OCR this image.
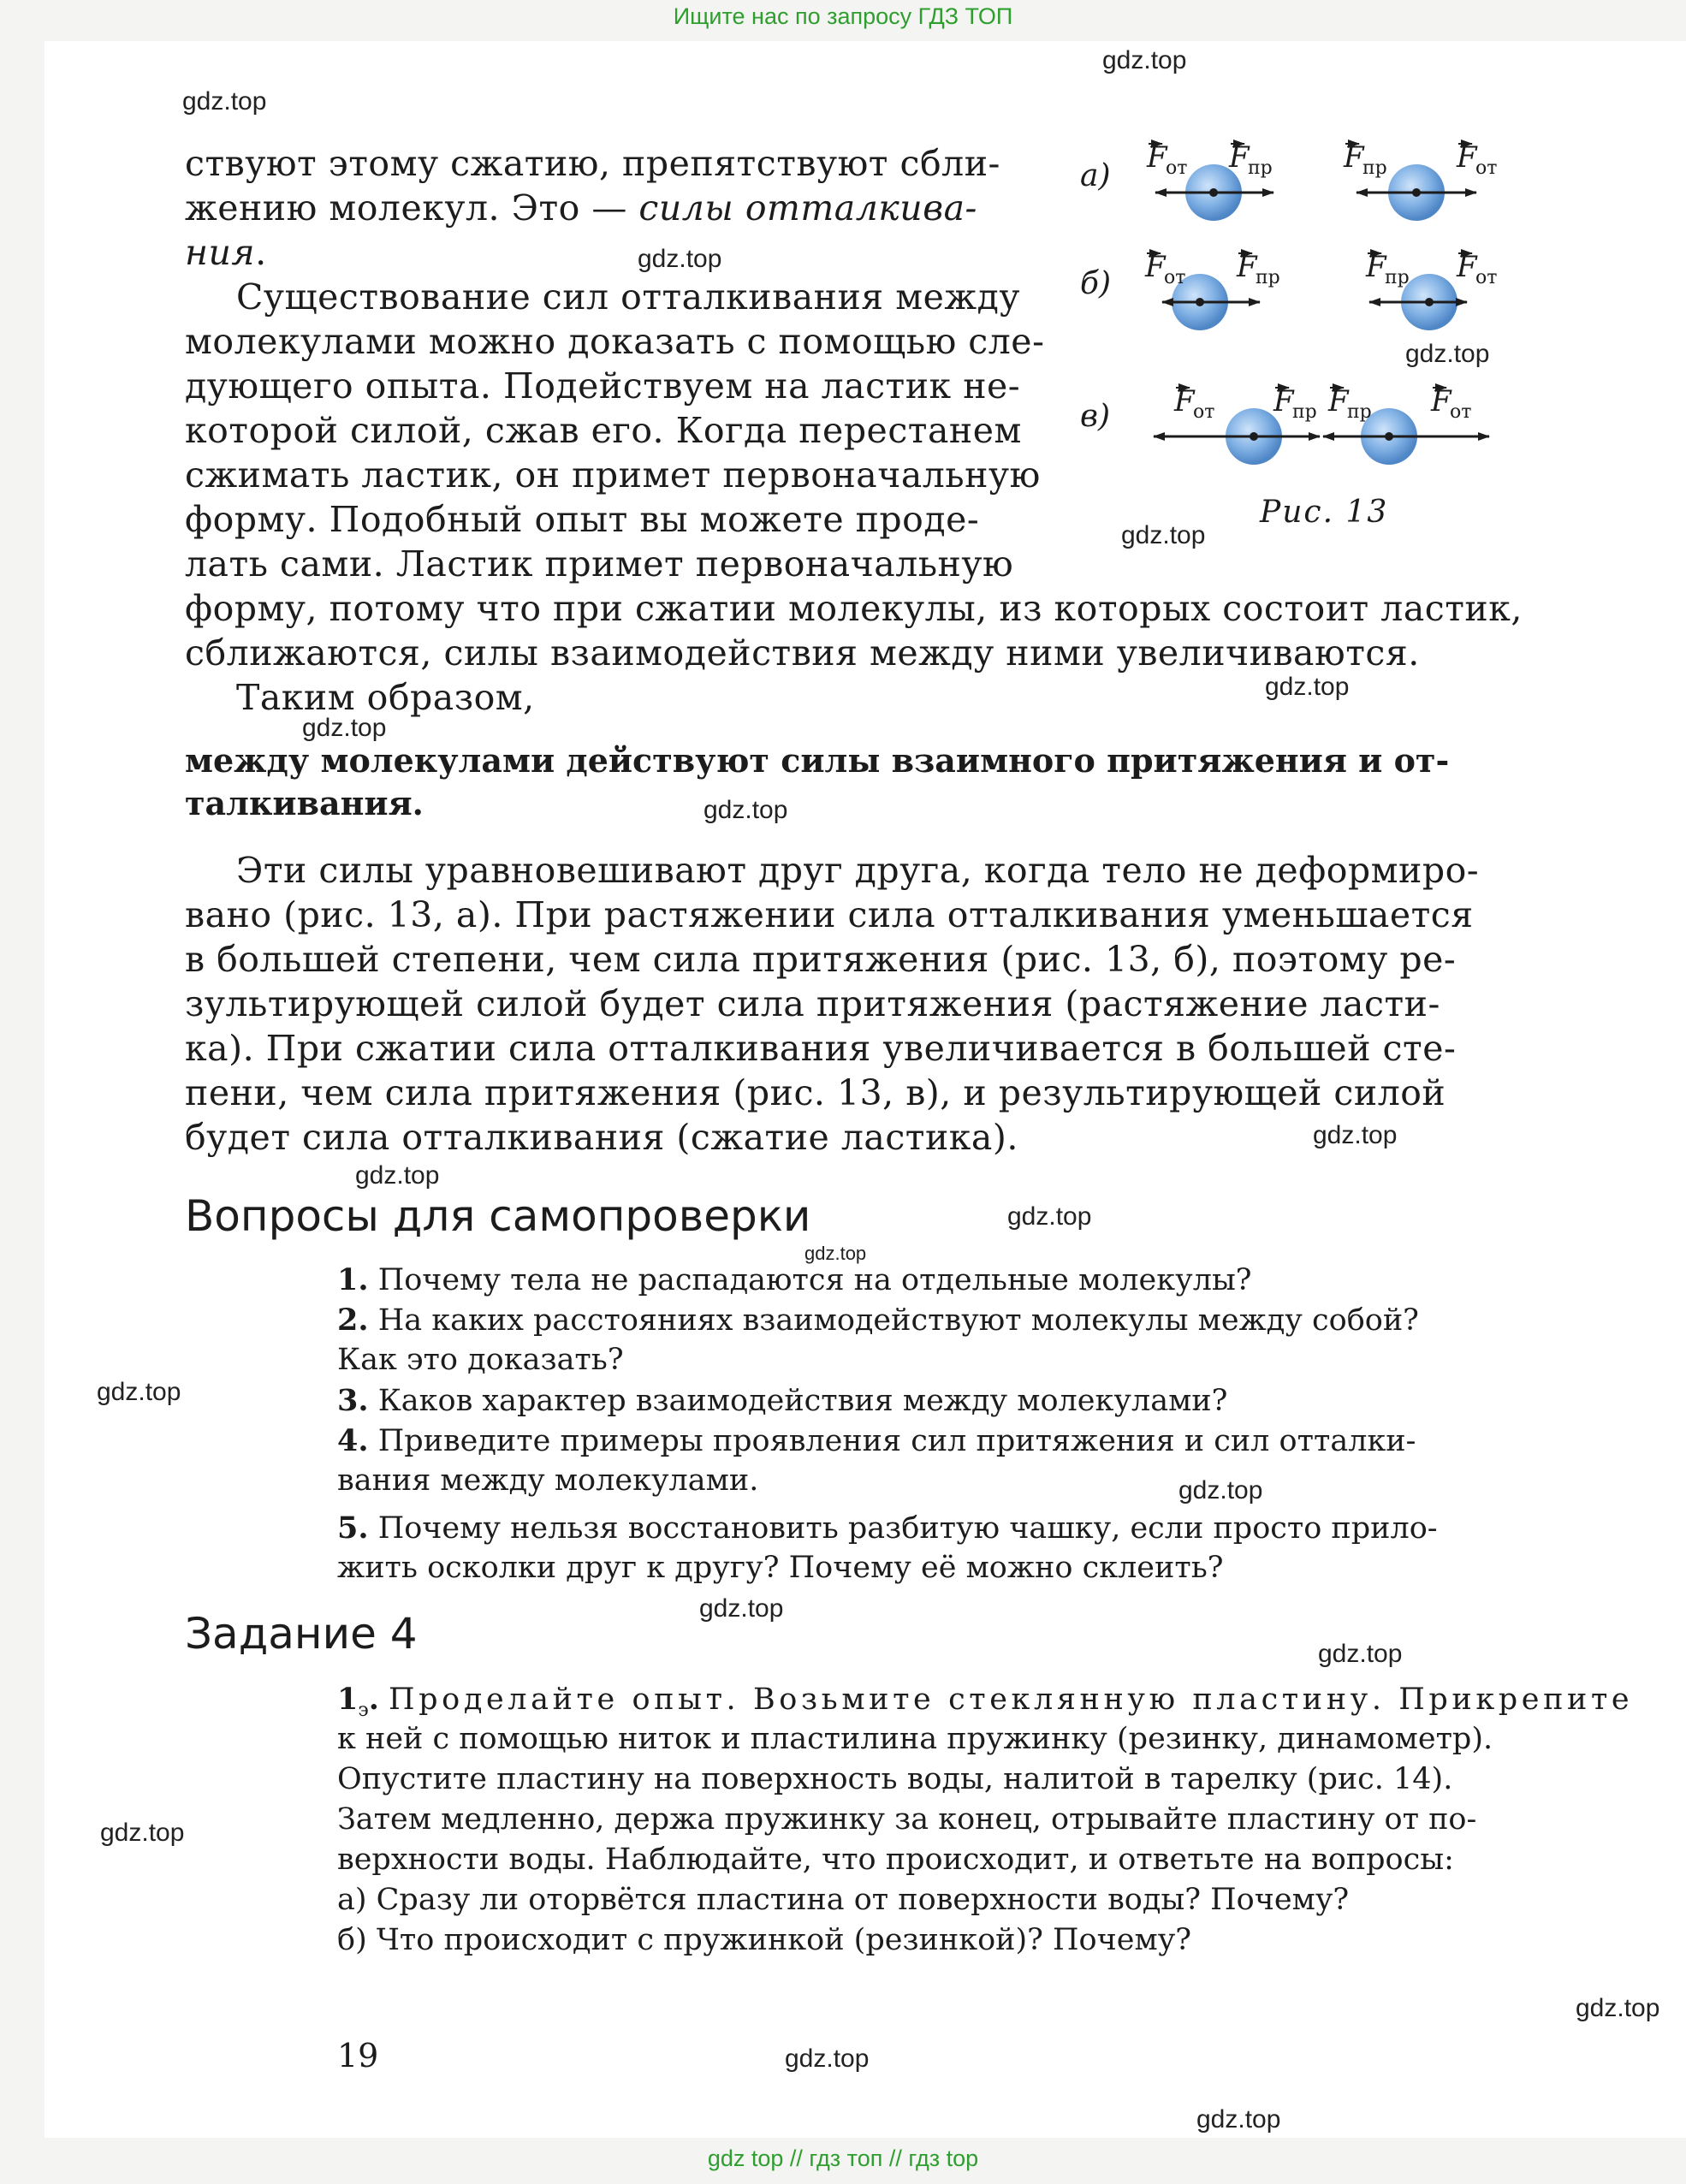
Ищите нас по запросу ГДЗ ТОП
gdz.top
gdz.top
gdz.top
gdz.top
gdz.top
gdz.top
gdz.top
gdz.top
gdz.top
gdz.top
gdz.top
gdz.top
gdz.top
gdz.top
gdz.top
gdz.top
gdz.top
gdz.top
gdz.top
gdz.top
ствуют этому сжатию, препятствуют сбли-
жению молекул. Это — силы отталкива-
ния.
Существование сил отталкивания между
молекулами можно доказать с помощью сле-
дующего опыта. Подействуем на ластик не-
которой силой, сжав его. Когда перестанем
сжимать ластик, он примет первоначальную
форму. Подобный опыт вы можете проде-
лать сами. Ластик примет первоначальную
форму, потому что при сжатии молекулы, из которых состоит ластик,
сближаются, силы взаимодействия между ними увеличиваются.
Таким образом,
между молекулами действуют силы взаимного притяжения и от-
талкивания.
Эти силы уравновешивают друг друга, когда тело не деформиро-
вано (рис. 13, а). При растяжении сила отталкивания уменьшается
в большей степени, чем сила притяжения (рис. 13, б), поэтому ре-
зультирующей силой будет сила притяжения (растяжение ласти-
ка). При сжатии сила отталкивания увеличивается в большей сте-
пени, чем сила притяжения (рис. 13, в), и результирующей силой
будет сила отталкивания (сжатие ластика).
а)
F
от F
пр F
пр F
от
б) F
от F
пр	F
пр F
от
в) F
от F
пр F
пр F
от
Рис. 13
Вопросы для самопроверки
1. Почему тела не распадаются на отдельные молекулы?
2. На каких расстояниях взаимодействуют молекулы между собой?
Как это доказать?
3. Каков характер взаимодействия между молекулами?
4. Приведите примеры проявления сил притяжения и сил отталки-
вания между молекулами.
5. Почему нельзя восстановить разбитую чашку, если просто прило-
жить осколки друг к другу? Почему её можно склеить?
Задание 4
$1_э$. Проделайте опыт. Возьмите стеклянную пластину. Прикрепите
к ней с помощью ниток и пластилина пружинку (резинку, динамометр).
Опустите пластину на поверхность воды, налитой в тарелку (рис. 14).
Затем медленно, держа пружинку за конец, отрывайте пластину от по-
верхности воды. Наблюдайте, что происходит, и ответьте на вопросы:
а) Сразу ли оторвётся пластина от поверхности воды? Почему?
б) Что происходит с пружинкой (резинкой)? Почему?
19
gdz top // гдз топ // гдз top
